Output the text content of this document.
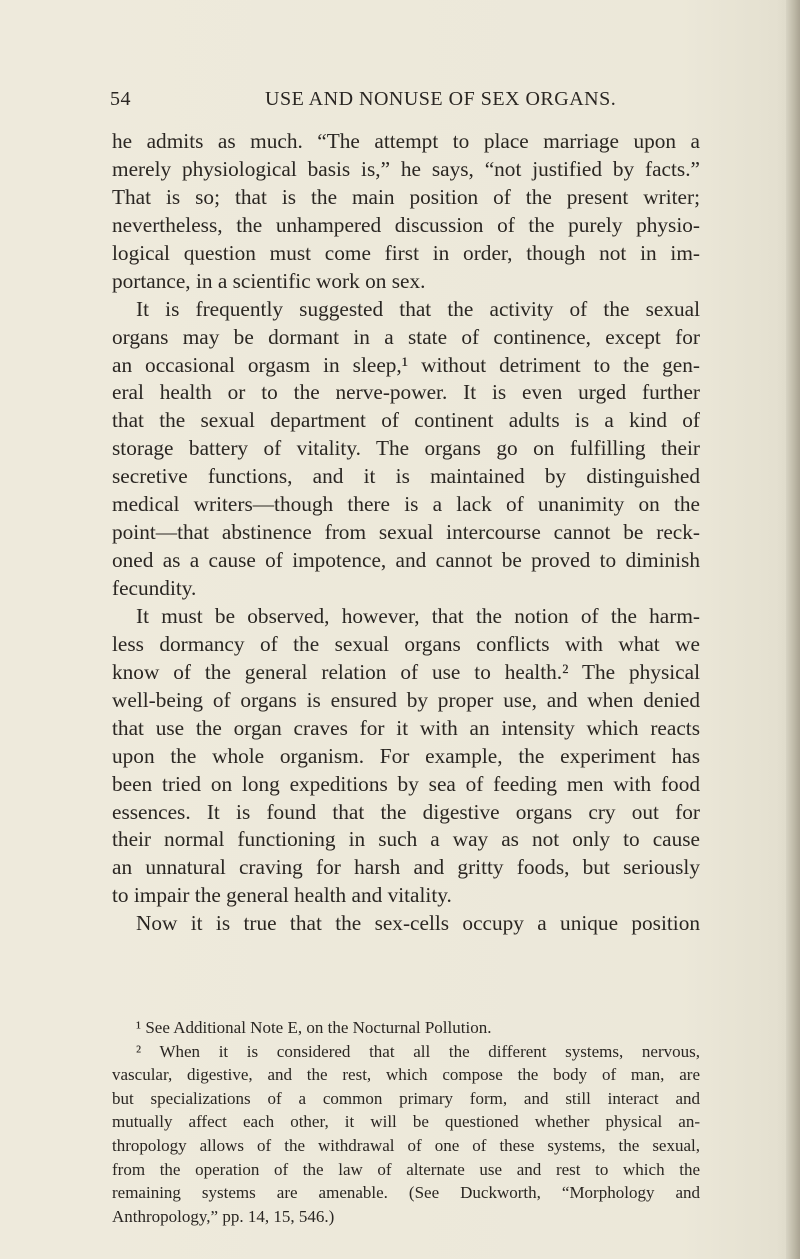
54	USE AND NONUSE OF SEX ORGANS.
he admits as much. “The attempt to place marriage upon a
merely physiological basis is,” he says, “not justified by facts.”
That is so; that is the main position of the present writer;
nevertheless, the unhampered discussion of the purely physio-
logical question must come first in order, though not in im-
portance, in a scientific work on sex.
It is frequently suggested that the activity of the sexual
organs may be dormant in a state of continence, except for
an occasional orgasm in sleep,¹ without detriment to the gen-
eral health or to the nerve-power. It is even urged further
that the sexual department of continent adults is a kind of
storage battery of vitality. The organs go on fulfilling their
secretive functions, and it is maintained by distinguished
medical writers—though there is a lack of unanimity on the
point—that abstinence from sexual intercourse cannot be reck-
oned as a cause of impotence, and cannot be proved to diminish
fecundity.
It must be observed, however, that the notion of the harm-
less dormancy of the sexual organs conflicts with what we
know of the general relation of use to health.² The physical
well-being of organs is ensured by proper use, and when denied
that use the organ craves for it with an intensity which reacts
upon the whole organism. For example, the experiment has
been tried on long expeditions by sea of feeding men with food
essences. It is found that the digestive organs cry out for
their normal functioning in such a way as not only to cause
an unnatural craving for harsh and gritty foods, but seriously
to impair the general health and vitality.
Now it is true that the sex-cells occupy a unique position
¹ See Additional Note E, on the Nocturnal Pollution.
² When it is considered that all the different systems, nervous,
vascular, digestive, and the rest, which compose the body of man, are
but specializations of a common primary form, and still interact and
mutually affect each other, it will be questioned whether physical an-
thropology allows of the withdrawal of one of these systems, the sexual,
from the operation of the law of alternate use and rest to which the
remaining systems are amenable. (See Duckworth, “Morphology and
Anthropology,” pp. 14, 15, 546.)
